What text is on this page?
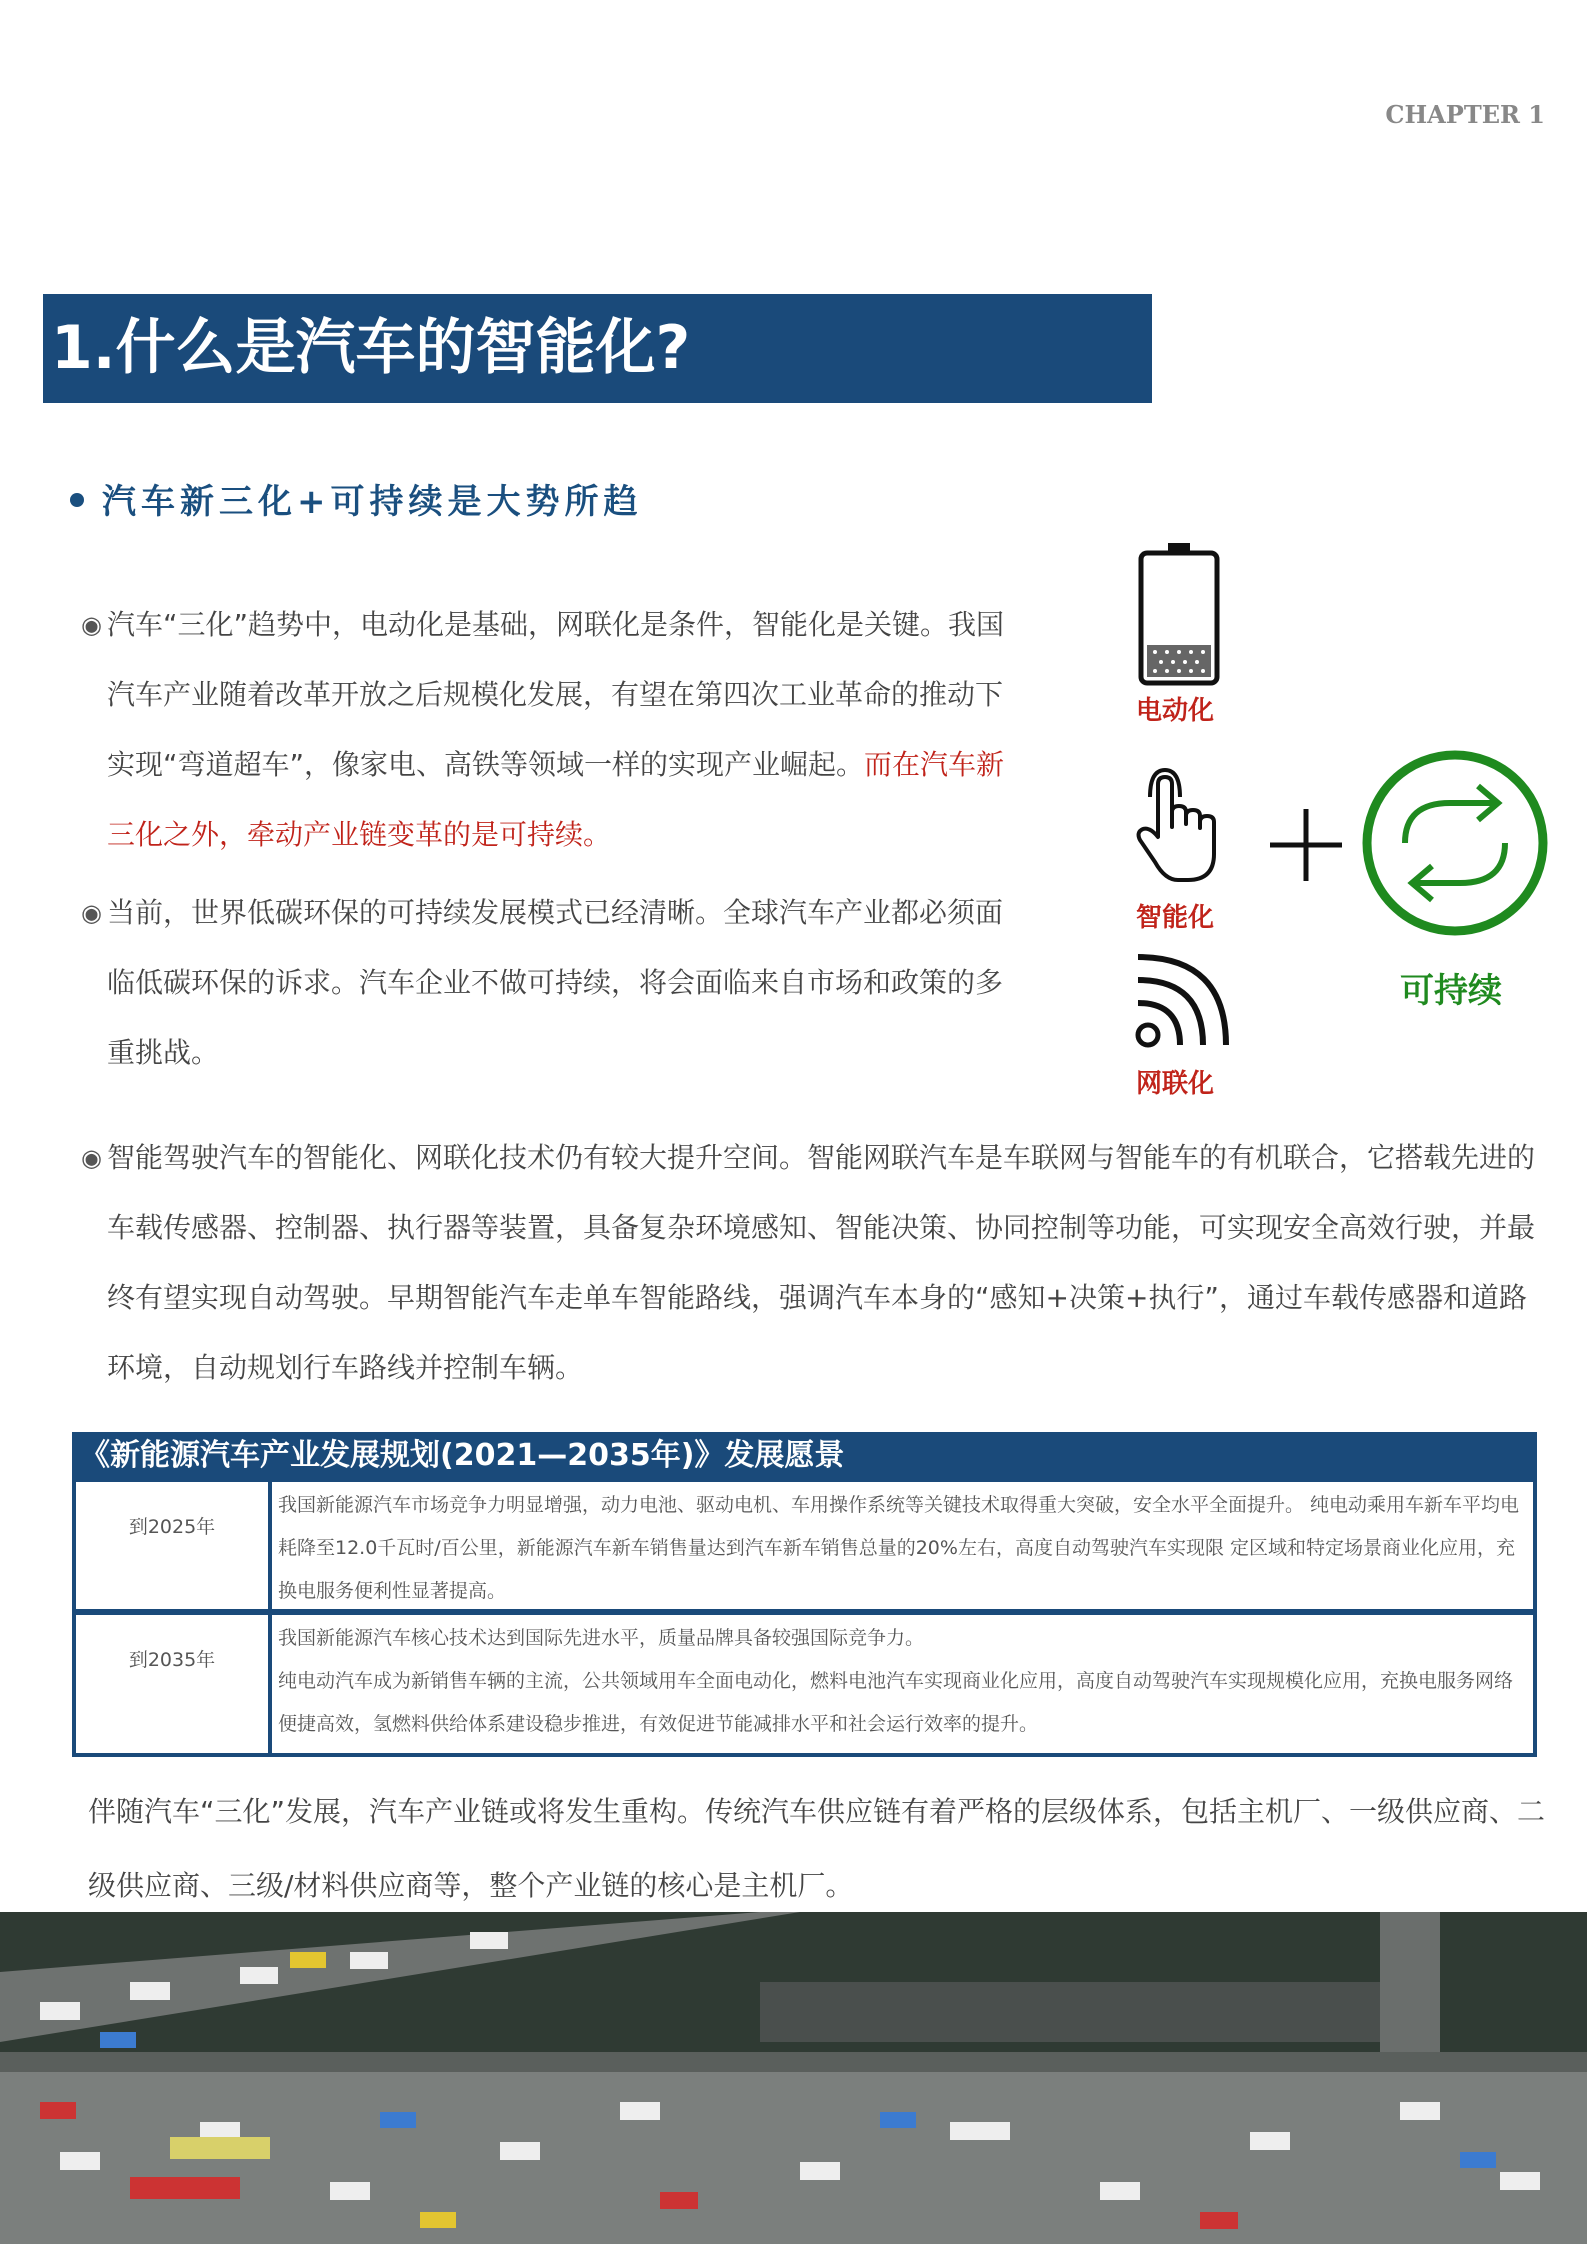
CHAPTER 1
1.什么是汽车的智能化?
汽车新三化+可持续是大势所趋
◉ 汽车“三化”趋势中，电动化是基础，网联化是条件，智能化是关键。我国汽车产业随着改革开放之后规模化发展，有望在第四次工业革命的推动下实现“弯道超车”，像家电、高铁等领域一样的实现产业崛起。而在汽车新三化之外，牵动产业链变革的是可持续。
◉ 当前，世界低碳环保的可持续发展模式已经清晰。全球汽车产业都必须面临低碳环保的诉求。汽车企业不做可持续，将会面临来自市场和政策的多重挑战。
电动化
智能化
网联化
可持续
◉ 智能驾驶汽车的智能化、网联化技术仍有较大提升空间。智能网联汽车是车联网与智能车的有机联合，它搭载先进的车载传感器、控制器、执行器等装置，具备复杂环境感知、智能决策、协同控制等功能，可实现安全高效行驶，并最终有望实现自动驾驶。早期智能汽车走单车智能路线，强调汽车本身的“感知+决策+执行”，通过车载传感器和道路环境，自动规划行车路线并控制车辆。
《新能源汽车产业发展规划(2021—2035年)》发展愿景
到2025年
我国新能源汽车市场竞争力明显增强，动力电池、驱动电机、车用操作系统等关键技术取得重大突破，安全水平全面提升。 纯电动乘用车新车平均电耗降至12.0千瓦时/百公里，新能源汽车新车销售量达到汽车新车销售总量的20%左右，高度自动驾驶汽车实现限 定区域和特定场景商业化应用，充换电服务便利性显著提高。
到2035年
我国新能源汽车核心技术达到国际先进水平，质量品牌具备较强国际竞争力。
纯电动汽车成为新销售车辆的主流，公共领域用车全面电动化，燃料电池汽车实现商业化应用，高度自动驾驶汽车实现规模化应用，充换电服务网络便捷高效，氢燃料供给体系建设稳步推进，有效促进节能减排水平和社会运行效率的提升。
伴随汽车“三化”发展，汽车产业链或将发生重构。传统汽车供应链有着严格的层级体系，包括主机厂、一级供应商、二级供应商、三级/材料供应商等，整个产业链的核心是主机厂。
